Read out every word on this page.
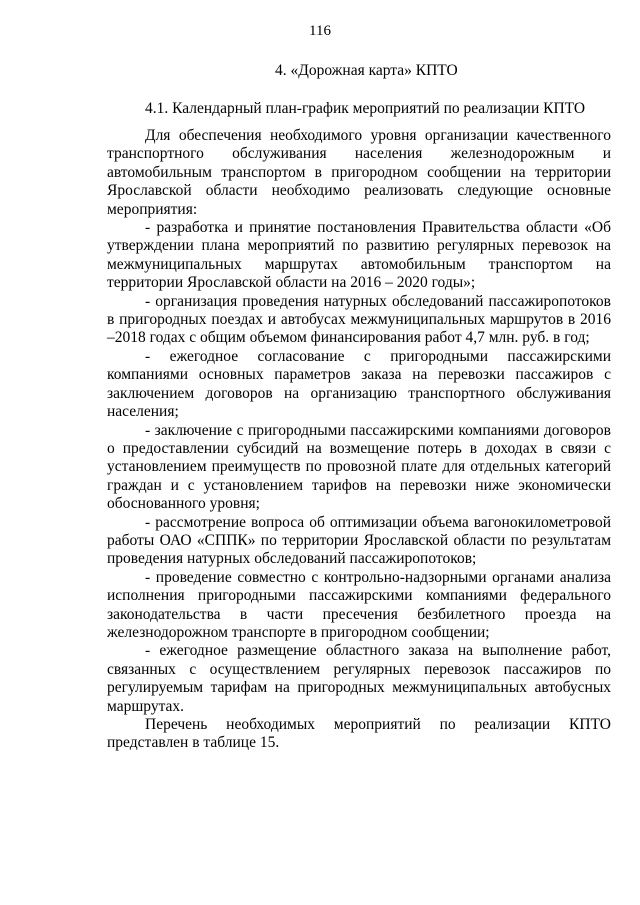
116
4. «Дорожная карта» КПТО
4.1. Календарный план-график мероприятий по реализации КПТО

Для обеспечения необходимого уровня организации качественного транспортного обслуживания населения железнодорожным и автомобильным транспортом в пригородном сообщении на территории Ярославской области необходимо реализовать следующие основные мероприятия:

- разработка и принятие постановления Правительства области «Об утверждении плана мероприятий по развитию регулярных перевозок на межмуниципальных маршрутах автомобильным транспортом на территории Ярославской области на 2016 – 2020 годы»;

- организация проведения натурных обследований пассажиропотоков в пригородных поездах и автобусах межмуниципальных маршрутов в 2016 –2018 годах с общим объемом финансирования работ 4,7 млн. руб. в год;

- ежегодное согласование с пригородными пассажирскими компаниями основных параметров заказа на перевозки пассажиров с заключением договоров на организацию транспортного обслуживания населения;

- заключение с пригородными пассажирскими компаниями договоров о предоставлении субсидий на возмещение потерь в доходах в связи с установлением преимуществ по провозной плате для отдельных категорий граждан и с установлением тарифов на перевозки ниже экономически обоснованного уровня;

- рассмотрение вопроса об оптимизации объема вагонокилометровой работы ОАО «СППК» по территории Ярославской области по результатам проведения натурных обследований пассажиропотоков;

- проведение совместно с контрольно-надзорными органами анализа исполнения пригородными пассажирскими компаниями федерального законодательства в части пресечения безбилетного проезда на железнодорожном транспорте в пригородном сообщении;

- ежегодное размещение областного заказа на выполнение работ, связанных с осуществлением регулярных перевозок пассажиров по регулируемым тарифам на пригородных межмуниципальных автобусных маршрутах.

Перечень необходимых мероприятий по реализации КПТО представлен в таблице 15.
